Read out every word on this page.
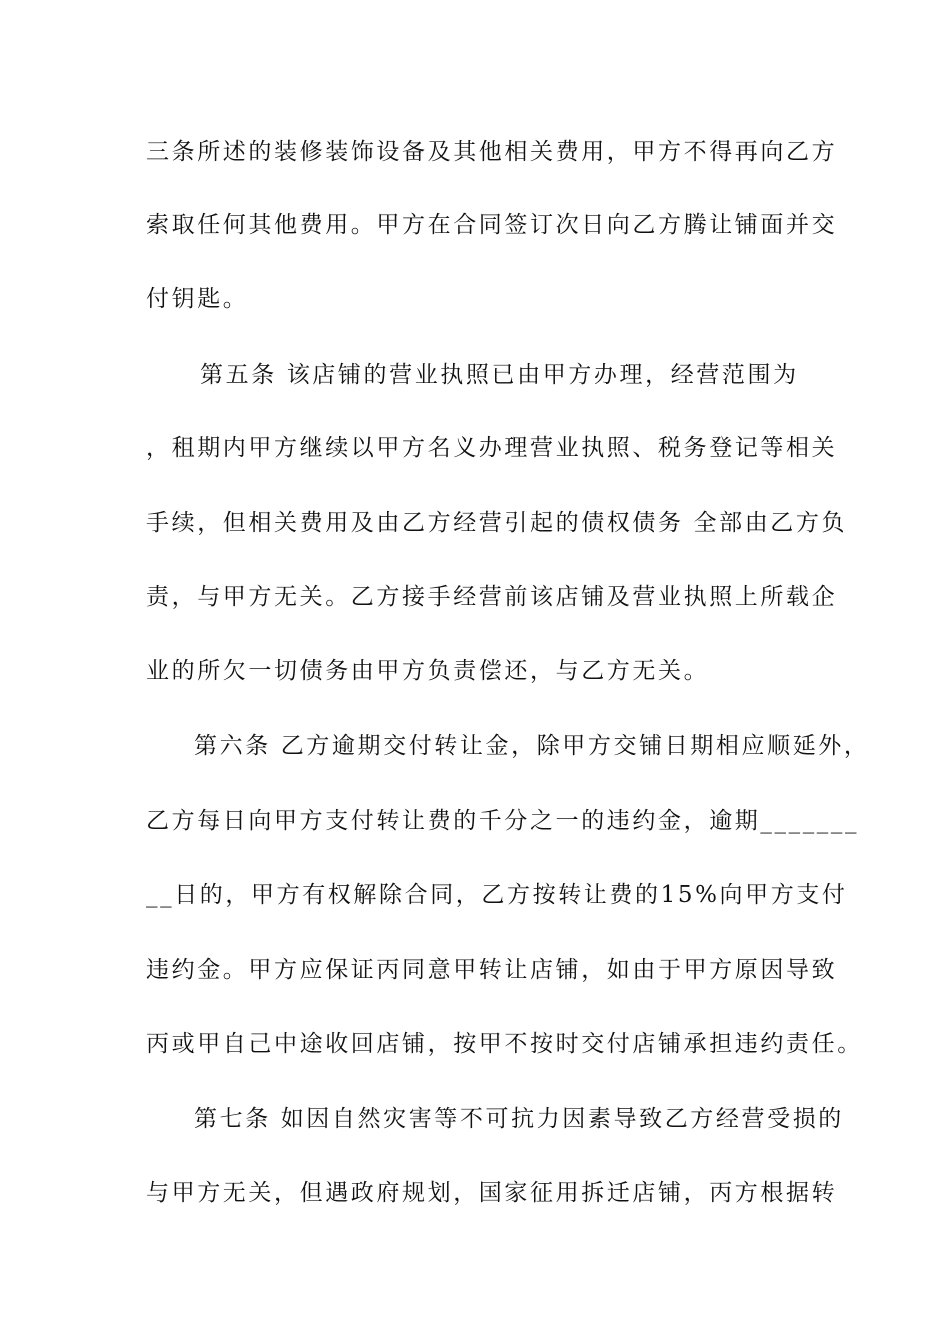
三条所述的装修装饰设备及其他相关费用，甲方不得再向乙方
索取任何其他费用。甲方在合同签订次日向乙方腾让铺面并交
付钥匙。
第五条 该店铺的营业执照已由甲方办理，经营范围为
，租期内甲方继续以甲方名义办理营业执照、税务登记等相关
手续，但相关费用及由乙方经营引起的债权债务 全部由乙方负
责，与甲方无关。乙方接手经营前该店铺及营业执照上所载企
业的所欠一切债务由甲方负责偿还，与乙方无关。
第六条 乙方逾期交付转让金，除甲方交铺日期相应顺延外，
乙方每日向甲方支付转让费的千分之一的违约金，逾期_______
__日的，甲方有权解除合同，乙方按转让费的15%向甲方支付
违约金。甲方应保证丙同意甲转让店铺，如由于甲方原因导致
丙或甲自己中途收回店铺，按甲不按时交付店铺承担违约责任。
第七条 如因自然灾害等不可抗力因素导致乙方经营受损的
与甲方无关，但遇政府规划，国家征用拆迁店铺，丙方根据转
